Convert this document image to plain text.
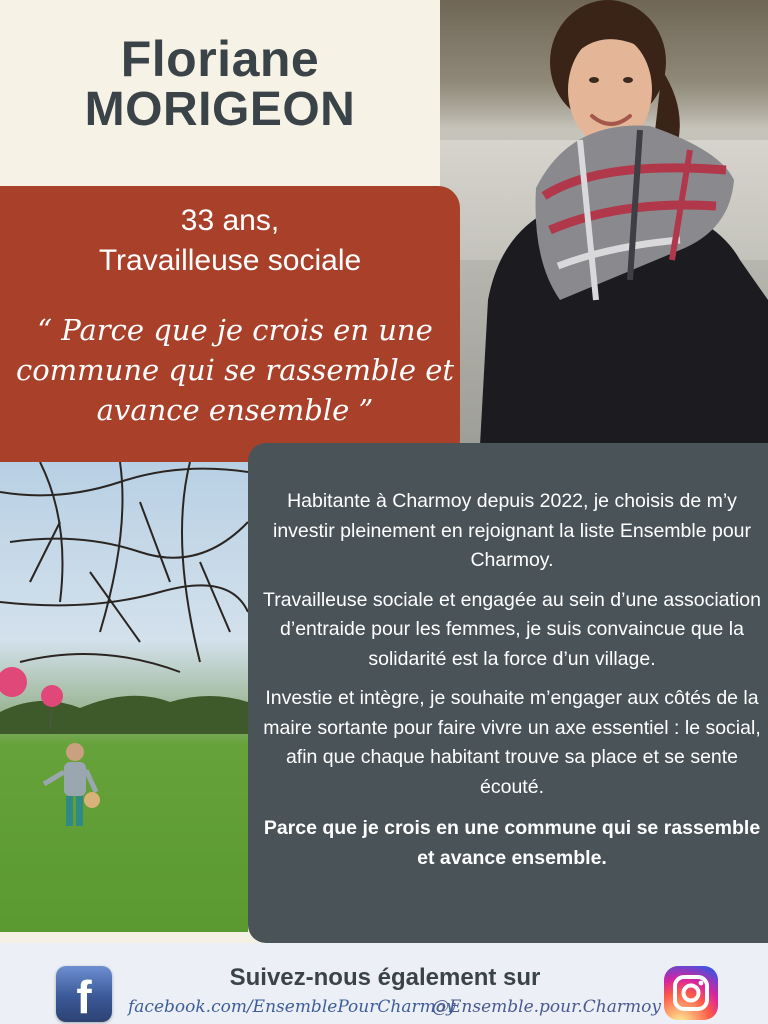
Floriane
MORIGEON
33 ans,
Travailleuse sociale
“ Parce que je crois en une commune qui se rassemble et avance ensemble ”

Habitante à Charmoy depuis 2022, je choisis de m’y investir pleinement en rejoignant la liste Ensemble pour Charmoy.

Travailleuse sociale et engagée au sein d’une association d’entraide pour les femmes, je suis convaincue que la solidarité est la force d’un village.

Investie et intègre, je souhaite m’engager aux côtés de la maire sortante pour faire vivre un axe essentiel : le social, afin que chaque habitant trouve sa place et se sente écouté.

Parce que je crois en une commune qui se rassemble et avance ensemble.

f	Suivez-nous également sur
facebook.com/EnsemblePourCharmoy
@Ensemble.pour.Charmoy
